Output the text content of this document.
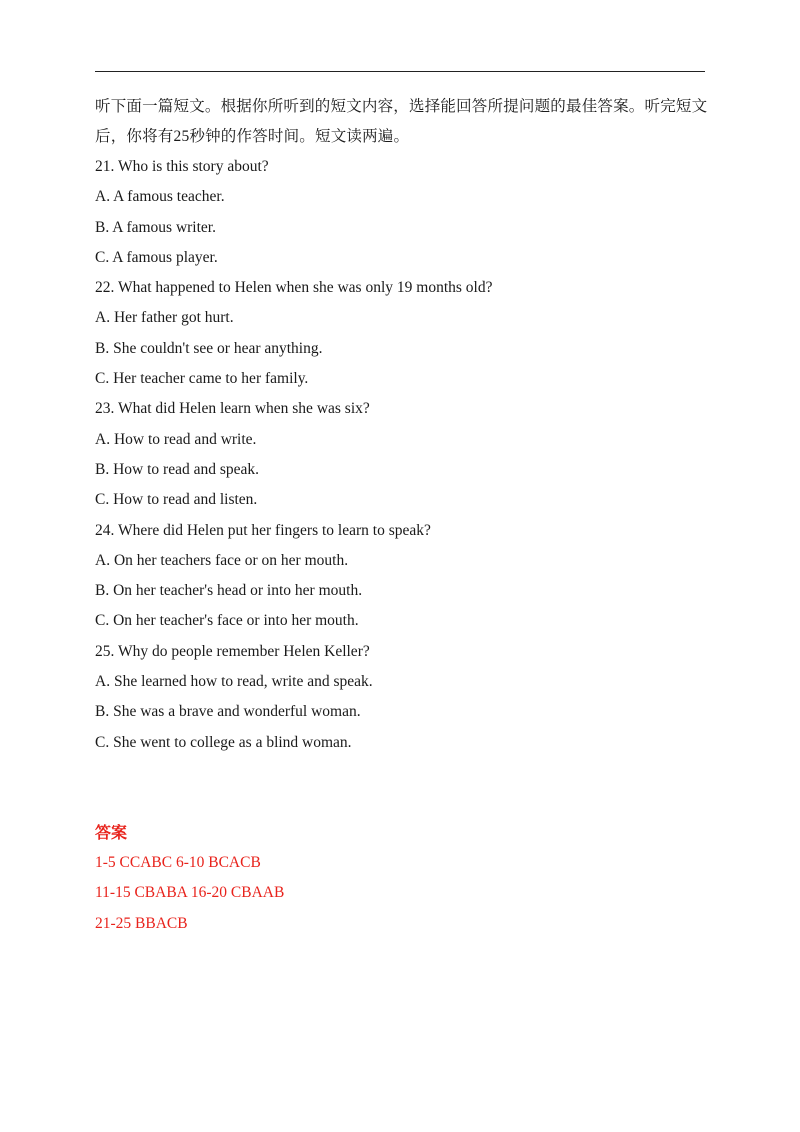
听下面一篇短文。根据你所听到的短文内容，选择能回答所提问题的最佳答案。听完短文后，你将有25秒钟的作答时间。短文读两遍。

21. Who is this story about?

A. A famous teacher.

B. A famous writer.

C. A famous player.

22. What happened to Helen when she was only 19 months old?

A. Her father got hurt.

B. She couldn't see or hear anything.

C. Her teacher came to her family.

23. What did Helen learn when she was six?

A. How to read and write.

B. How to read and speak.

C. How to read and listen.

24. Where did Helen put her fingers to learn to speak?

A. On her teachers face or on her mouth.

B. On her teacher's head or into her mouth.

C. On her teacher's face or into her mouth.

25. Why do people remember Helen Keller?

A. She learned how to read, write and speak.

B. She was a brave and wonderful woman.

C. She went to college as a blind woman.

答案

1-5 CCABC 6-10 BCACB

11-15 CBABA 16-20 CBAAB

21-25 BBACB
